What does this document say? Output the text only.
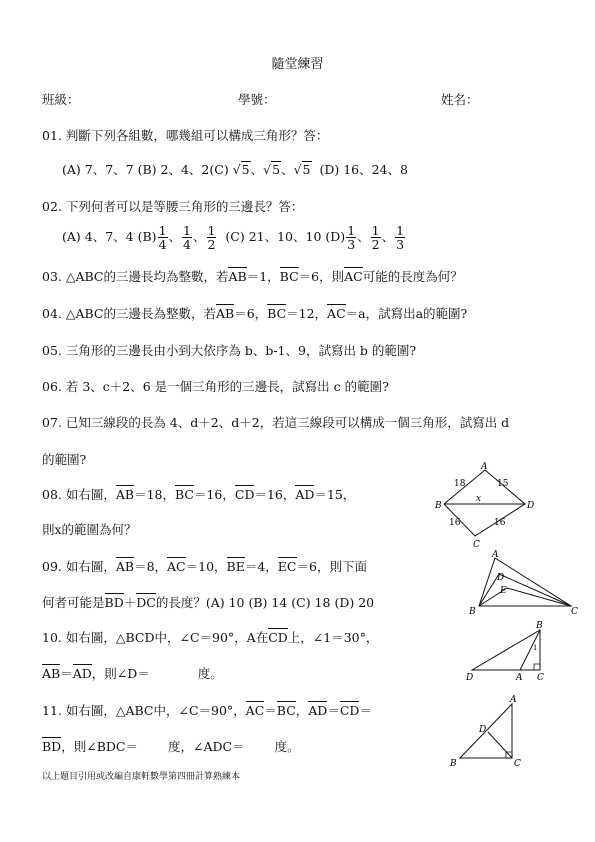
隨堂練習
班級：	學號：	姓名：
01. 判斷下列各組數，哪幾組可以構成三角形？答：
(A) 7、7、7 (B) 2、4、2(C) √5、√5、√5 (D) 16、24、8
02. 下列何者可以是等腰三角形的三邊長？答：
(A) 4、7、4 $(B) \frac{1}{4}$ 、 $\frac{1}{4}$ 、 $\frac{1}{2} (C)$ 21、10、10 $(D) \frac{1}{3}$ 、 $\frac{1}{2}$ 、 $\frac{1}{3}$
03. △ABC的三邊長均為整數，若AB＝1，BC＝6，則AC可能的長度為何？
04. △ABC的三邊長為整數，若AB＝6，BC＝12，AC＝a，試寫出a的範圍?
05. 三角形的三邊長由小到大依序為 b、b-1、9，試寫出 b 的範圍?
06. 若 3、c＋2、6 是一個三角形的三邊長，試寫出 c 的範圍?
07. 已知三線段的長為 4、d＋2、d＋2，若這三線段可以構成一個三角形，試寫出 d
的範圍?
08. 如右圖，AB＝18，BC＝16，CD＝16，AD＝15，
則x的範圍為何？
A
B
C
D
x
18	15
16	16
09. 如右圖，AB＝8，AC＝10，BE＝4，EC＝6，則下面
何者可能是BD＋DC的長度？(A) 10 (B) 14 (C) 18 (D) 20
A
B	C
D
E
10. 如右圖，△BCD中，∠C＝90°，A在CD上，∠1＝30°，
AB＝AD，則∠D＝	度。
B
D	A C
1
11. 如右圖，△ABC中，∠C＝90°，AC＝BC，AD＝CD＝
BD，則∠BDC＝ 度，∠ADC＝ 度。
A
B	C
D
以上題目引用或改編自康軒數學第四冊計算熟練本
